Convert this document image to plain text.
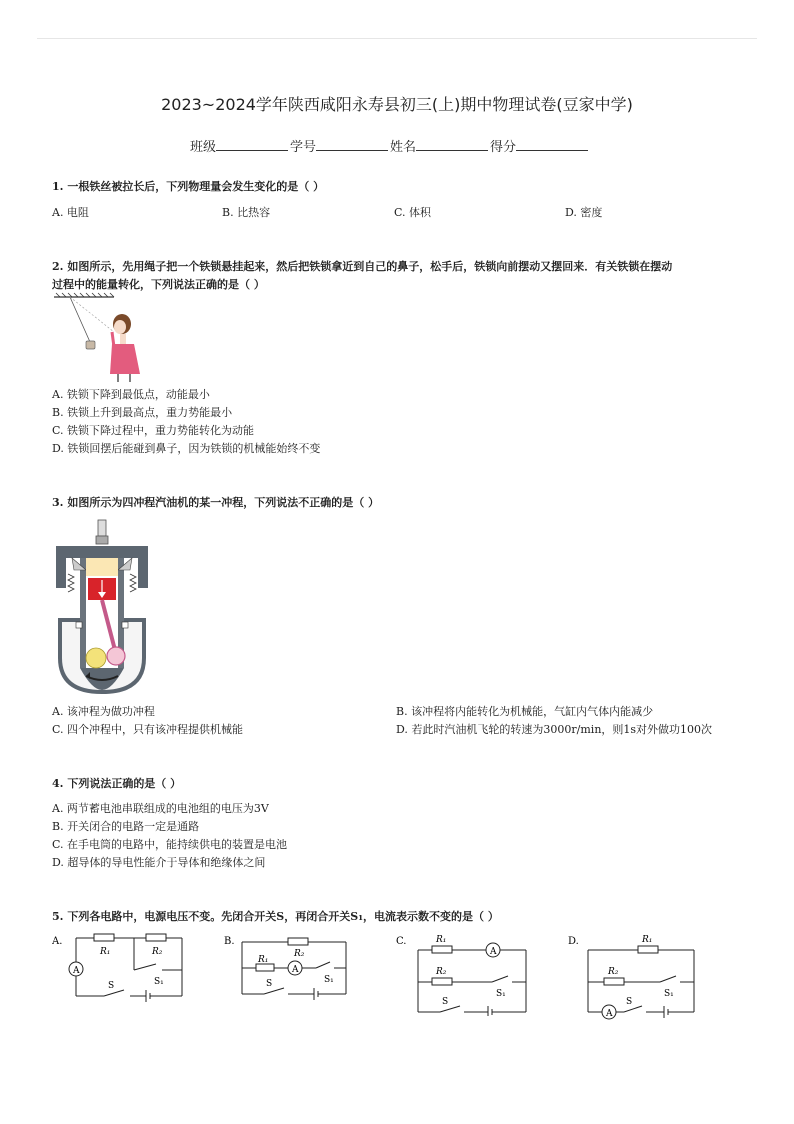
2023~2024学年陕西咸阳永寿县初三(上)期中物理试卷(豆家中学)
班级	学号	姓名	得分
1. 一根铁丝被拉长后，下列物理量会发生变化的是（ ）
A. 电阻	B. 比热容	C. 体积	D. 密度
2. 如图所示，先用绳子把一个铁锁悬挂起来，然后把铁锁拿近到自己的鼻子，松手后，铁锁向前摆动又摆回来．有关铁锁在摆动
过程中的能量转化，下列说法正确的是（ ）
A. 铁锁下降到最低点，动能最小
B. 铁锁上升到最高点，重力势能最小
C. 铁锁下降过程中，重力势能转化为动能
D. 铁锁回摆后能碰到鼻子，因为铁锁的机械能始终不变
3. 如图所示为四冲程汽油机的某一冲程，下列说法不正确的是（ ）
A. 该冲程为做功冲程	B. 该冲程将内能转化为机械能，气缸内气体内能减少
C. 四个冲程中，只有该冲程提供机械能	D. 若此时汽油机飞轮的转速为3000r/min，则1s对外做功100次
4. 下列说法正确的是（ ）
A. 两节蓄电池串联组成的电池组的电压为3V
B. 开关闭合的电路一定是通路
C. 在手电筒的电路中，能持续供电的装置是电池
D. 超导体的导电性能介于导体和绝缘体之间
5. 下列各电路中，电源电压不变。先闭合开关S，再闭合开关S₁，电流表示数不变的是（ ）
A.
A
R₁	R₂
S₁
S
B.
A
R₂
R₁
S₁
S
C.
A
R₁
R₂
S₁
S
D.
A
R₁
R₂
S₁
S
